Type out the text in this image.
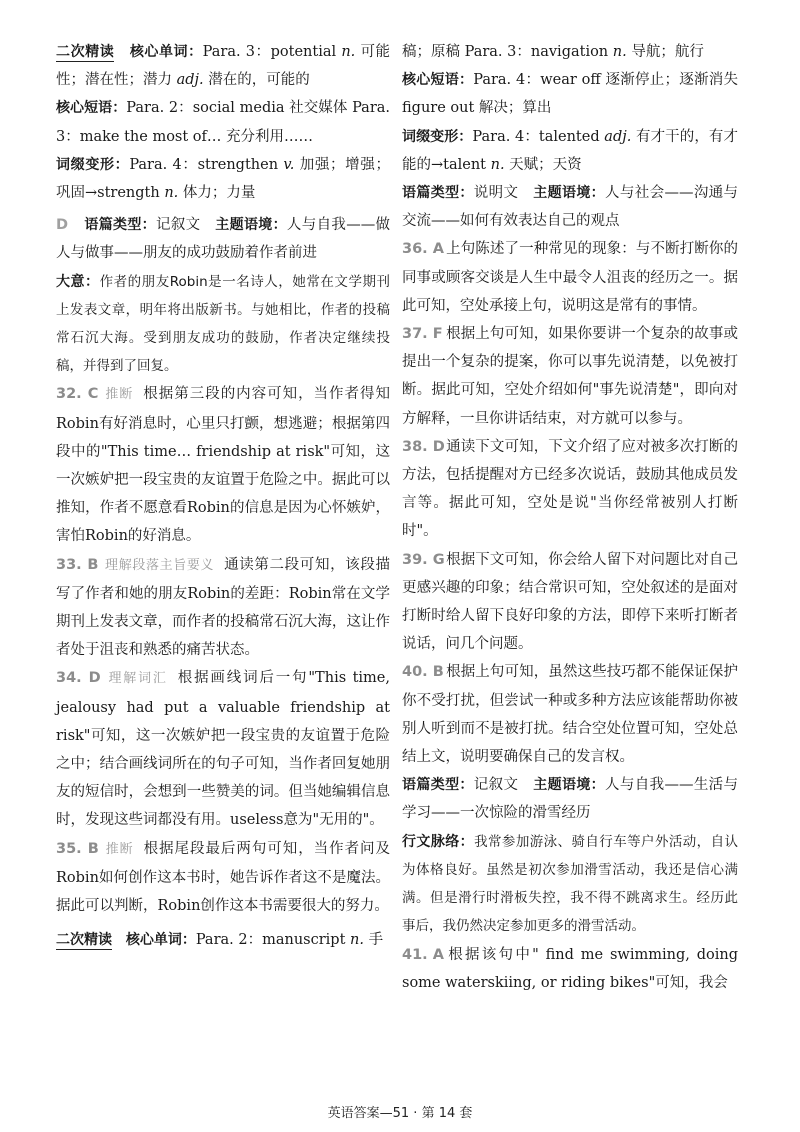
二次精读 核心单词：Para. 3：potential n. 可能性；潜在性；潜力 adj. 潜在的，可能的

核心短语：Para. 2：social media 社交媒体 Para. 3：make the most of… 充分利用……

词缀变形：Para. 4：strengthen v. 加强；增强；巩固→strength n. 体力；力量

D 语篇类型：记叙文 主题语境：人与自我——做人与做事——朋友的成功鼓励着作者前进

大意：作者的朋友Robin是一名诗人，她常在文学期刊上发表文章，明年将出版新书。与她相比，作者的投稿常石沉大海。受到朋友成功的鼓励，作者决定继续投稿，并得到了回复。

32. C 推断 根据第三段的内容可知，当作者得知Robin有好消息时，心里只打颤，想逃避；根据第四段中的"This time… friendship at risk"可知，这一次嫉妒把一段宝贵的友谊置于危险之中。据此可以推知，作者不愿意看Robin的信息是因为心怀嫉妒，害怕Robin的好消息。

33. B 理解段落主旨要义 通读第二段可知，该段描写了作者和她的朋友Robin的差距：Robin常在文学期刊上发表文章，而作者的投稿常石沉大海，这让作者处于沮丧和熟悉的痛苦状态。

34. D 理解词汇 根据画线词后一句"This time, jealousy had put a valuable friendship at risk"可知，这一次嫉妒把一段宝贵的友谊置于危险之中；结合画线词所在的句子可知，当作者回复她朋友的短信时，会想到一些赞美的词。但当她编辑信息时，发现这些词都没有用。useless意为"无用的"。

35. B 推断 根据尾段最后两句可知，当作者问及Robin如何创作这本书时，她告诉作者这不是魔法。据此可以判断，Robin创作这本书需要很大的努力。

二次精读 核心单词：Para. 2：manuscript n. 手

稿；原稿 Para. 3：navigation n. 导航；航行

核心短语：Para. 4：wear off 逐渐停止；逐渐消失 figure out 解决；算出

词缀变形：Para. 4：talented adj. 有才干的，有才能的→talent n. 天赋；天资

语篇类型：说明文 主题语境：人与社会——沟通与交流——如何有效表达自己的观点

36. A 上句陈述了一种常见的现象：与不断打断你的同事或顾客交谈是人生中最令人沮丧的经历之一。据此可知，空处承接上句，说明这是常有的事情。

37. F 根据上句可知，如果你要讲一个复杂的故事或提出一个复杂的提案，你可以事先说清楚，以免被打断。据此可知，空处介绍如何"事先说清楚"，即向对方解释，一旦你讲话结束，对方就可以参与。

38. D通读下文可知，下文介绍了应对被多次打断的方法，包括提醒对方已经多次说话，鼓励其他成员发言等。据此可知，空处是说"当你经常被别人打断时"。

39. G根据下文可知，你会给人留下对问题比对自己更感兴趣的印象；结合常识可知，空处叙述的是面对打断时给人留下良好印象的方法，即停下来听打断者说话，问几个问题。

40. B 根据上句可知，虽然这些技巧都不能保证保护你不受打扰，但尝试一种或多种方法应该能帮助你被别人听到而不是被打扰。结合空处位置可知，空处总结上文，说明要确保自己的发言权。

语篇类型：记叙文 主题语境：人与自我——生活与学习——一次惊险的滑雪经历

行文脉络：我常参加游泳、骑自行车等户外活动，自认为体格良好。虽然是初次参加滑雪活动，我还是信心满满。但是滑行时滑板失控，我不得不跳离求生。经历此事后，我仍然决定参加更多的滑雪活动。

41. A 根据该句中" find me swimming, doing some waterskiing, or riding bikes"可知，我会

英语答案—51 · 第 14 套
